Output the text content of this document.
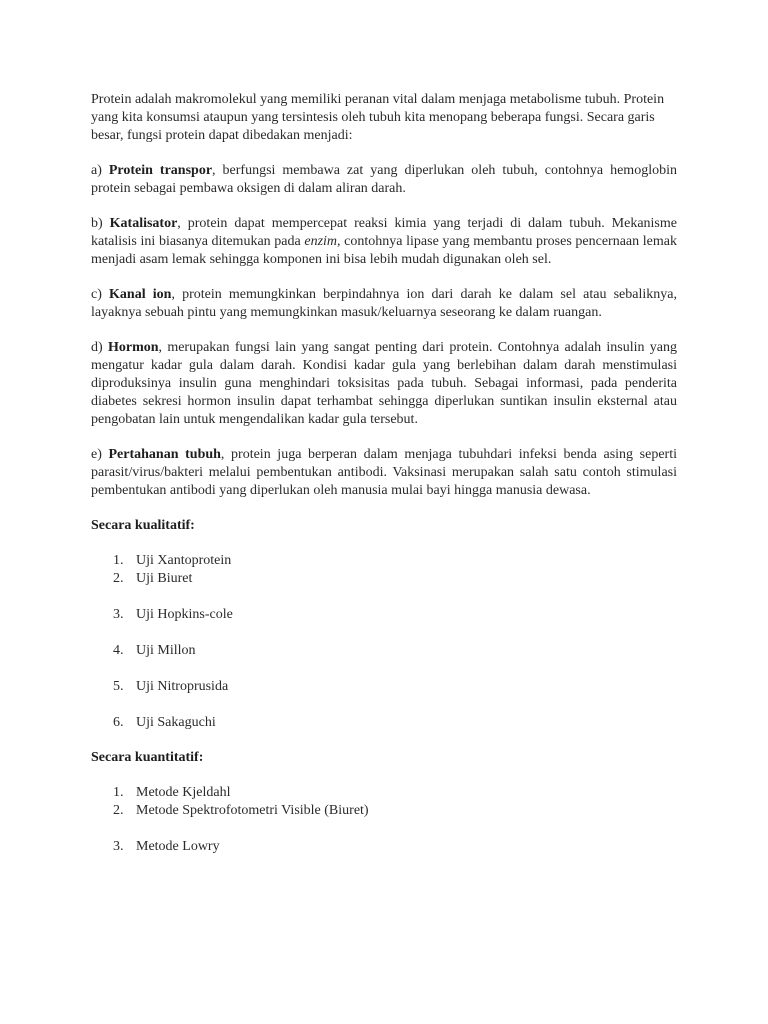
Protein adalah makromolekul yang memiliki peranan vital dalam menjaga metabolisme tubuh. Protein yang kita konsumsi ataupun yang tersintesis oleh tubuh kita menopang beberapa fungsi. Secara garis besar, fungsi protein dapat dibedakan menjadi:

a) Protein transpor, berfungsi membawa zat yang diperlukan oleh tubuh, contohnya hemoglobin protein sebagai pembawa oksigen di dalam aliran darah.

b) Katalisator, protein dapat mempercepat reaksi kimia yang terjadi di dalam tubuh. Mekanisme katalisis ini biasanya ditemukan pada enzim, contohnya lipase yang membantu proses pencernaan lemak menjadi asam lemak sehingga komponen ini bisa lebih mudah digunakan oleh sel.

c) Kanal ion, protein memungkinkan berpindahnya ion dari darah ke dalam sel atau sebaliknya, layaknya sebuah pintu yang memungkinkan masuk/keluarnya seseorang ke dalam ruangan.

d) Hormon, merupakan fungsi lain yang sangat penting dari protein. Contohnya adalah insulin yang mengatur kadar gula dalam darah. Kondisi kadar gula yang berlebihan dalam darah menstimulasi diproduksinya insulin guna menghindari toksisitas pada tubuh. Sebagai informasi, pada penderita diabetes sekresi hormon insulin dapat terhambat sehingga diperlukan suntikan insulin eksternal atau pengobatan lain untuk mengendalikan kadar gula tersebut.

e) Pertahanan tubuh, protein juga berperan dalam menjaga tubuhdari infeksi benda asing seperti parasit/virus/bakteri melalui pembentukan antibodi. Vaksinasi merupakan salah satu contoh stimulasi pembentukan antibodi yang diperlukan oleh manusia mulai bayi hingga manusia dewasa.

Secara kualitatif:

1. Uji Xantoprotein
2. Uji Biuret
3. Uji Hopkins-cole
4. Uji Millon
5. Uji Nitroprusida
6. Uji Sakaguchi

Secara kuantitatif:

1. Metode Kjeldahl
2. Metode Spektrofotometri Visible (Biuret)
3. Metode Lowry
